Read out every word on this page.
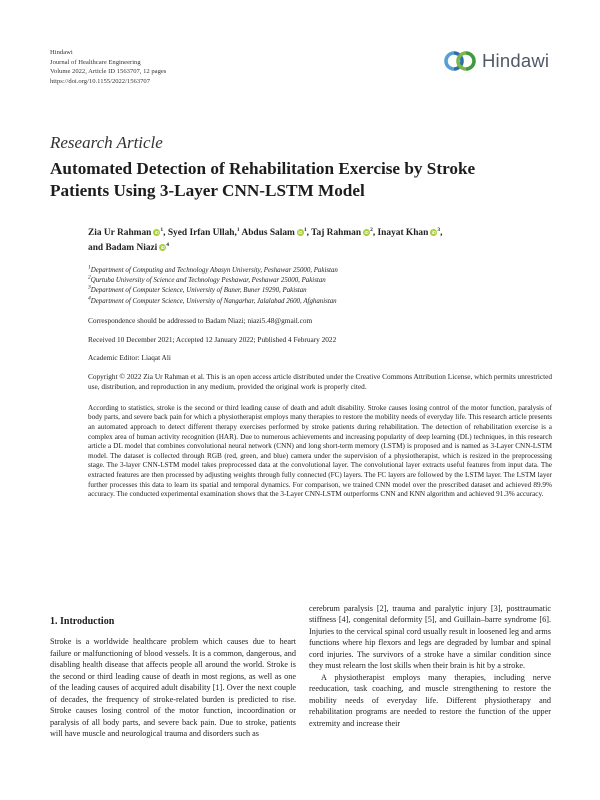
Hindawi
Journal of Healthcare Engineering
Volume 2022, Article ID 1563707, 12 pages
https://doi.org/10.1155/2022/1563707
Hindawi
Research Article
Automated Detection of Rehabilitation Exercise by Stroke Patients Using 3-Layer CNN-LSTM Model
Zia Ur Rahman $iD^1$, Syed Irfan Ullah,$^1$ Abdus Salam $iD^1$, Taj Rahman $iD^2$, Inayat Khan $iD^3$,
and Badam Niazi $iD^4$
$^1$Department of Computing and Technology Abasyn University, Peshawar 25000, Pakistan
$^2$Qurtuba University of Science and Technology Peshawar, Peshawar 25000, Pakistan
$^3$Department of Computer Science, University of Buner, Buner 19290, Pakistan
$^4$Department of Computer Science, University of Nangarhar, Jalalabad 2600, Afghanistan
Correspondence should be addressed to Badam Niazi; niazi5.48@gmail.com
Received 10 December 2021; Accepted 12 January 2022; Published 4 February 2022
Academic Editor: Liaqat Ali
Copyright © 2022 Zia Ur Rahman et al. This is an open access article distributed under the Creative Commons Attribution License, which permits unrestricted use, distribution, and reproduction in any medium, provided the original work is properly cited.
According to statistics, stroke is the second or third leading cause of death and adult disability. Stroke causes losing control of the motor function, paralysis of body parts, and severe back pain for which a physiotherapist employs many therapies to restore the mobility needs of everyday life. This research article presents an automated approach to detect different therapy exercises performed by stroke patients during rehabilitation. The detection of rehabilitation exercise is a complex area of human activity recognition (HAR). Due to numerous achievements and increasing popularity of deep learning (DL) techniques, in this research article a DL model that combines convolutional neural network (CNN) and long short-term memory (LSTM) is proposed and is named as 3-Layer CNN-LSTM model. The dataset is collected through RGB (red, green, and blue) camera under the supervision of a physiotherapist, which is resized in the preprocessing stage. The 3-layer CNN-LSTM model takes preprocessed data at the convolutional layer. The convolutional layer extracts useful features from input data. The extracted features are then processed by adjusting weights through fully connected (FC) layers. The FC layers are followed by the LSTM layer. The LSTM layer further processes this data to learn its spatial and temporal dynamics. For comparison, we trained CNN model over the prescribed dataset and achieved 89.9% accuracy. The conducted experimental examination shows that the 3-Layer CNN-LSTM outperforms CNN and KNN algorithm and achieved 91.3% accuracy.
1. Introduction

Stroke is a worldwide healthcare problem which causes due to heart failure or malfunctioning of blood vessels. It is a common, dangerous, and disabling health disease that affects people all around the world. Stroke is the second or third leading cause of death in most regions, as well as one of the leading causes of acquired adult disability [1]. Over the next couple of decades, the frequency of stroke-related burden is predicted to rise. Stroke causes losing control of the motor function, incoordination or paralysis of all body parts, and severe back pain. Due to stroke, patients will have muscle and neurological trauma and disorders such as

cerebrum paralysis [2], trauma and paralytic injury [3], posttraumatic stiffness [4], congenital deformity [5], and Guillain–barre syndrome [6]. Injuries to the cervical spinal cord usually result in loosened leg and arms functions where hip flexors and legs are degraded by lumbar and spinal cord injuries. The survivors of a stroke have a similar condition since they must relearn the lost skills when their brain is hit by a stroke.

A physiotherapist employs many therapies, including nerve reeducation, task coaching, and muscle strengthening to restore the mobility needs of everyday life. Different physiotherapy and rehabilitation programs are needed to restore the function of the upper extremity and increase their
